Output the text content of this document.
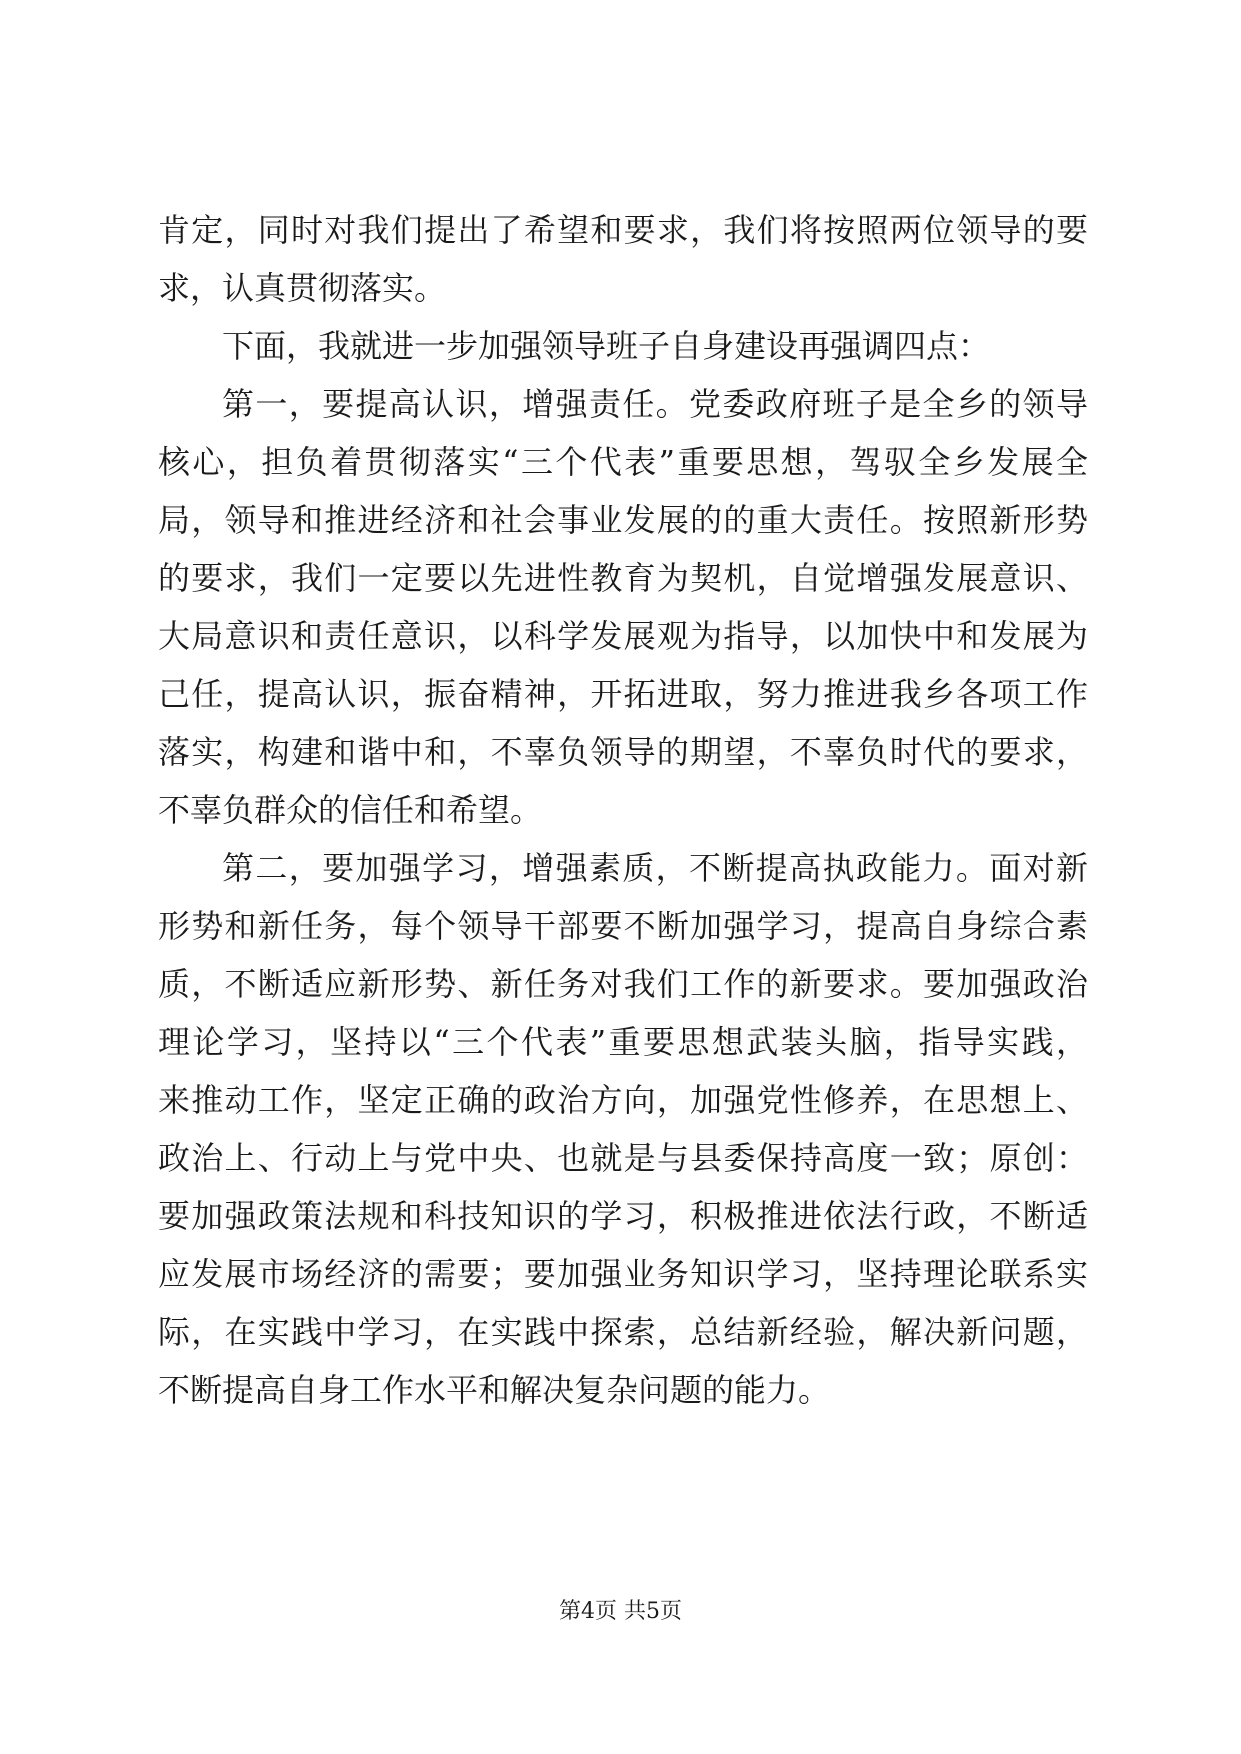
肯定，同时对我们提出了希望和要求，我们将按照两位领导的要
求，认真贯彻落实。
下面，我就进一步加强领导班子自身建设再强调四点：
第一，要提高认识，增强责任。党委政府班子是全乡的领导
核心，担负着贯彻落实“三个代表”重要思想，驾驭全乡发展全
局，领导和推进经济和社会事业发展的的重大责任。按照新形势
的要求，我们一定要以先进性教育为契机，自觉增强发展意识、
大局意识和责任意识，以科学发展观为指导，以加快中和发展为
己任，提高认识，振奋精神，开拓进取，努力推进我乡各项工作
落实，构建和谐中和，不辜负领导的期望，不辜负时代的要求，
不辜负群众的信任和希望。
第二，要加强学习，增强素质，不断提高执政能力。面对新
形势和新任务，每个领导干部要不断加强学习，提高自身综合素
质，不断适应新形势、新任务对我们工作的新要求。要加强政治
理论学习，坚持以“三个代表”重要思想武装头脑，指导实践，
来推动工作，坚定正确的政治方向，加强党性修养，在思想上、
政治上、行动上与党中央、也就是与县委保持高度一致；原创：
要加强政策法规和科技知识的学习，积极推进依法行政，不断适
应发展市场经济的需要；要加强业务知识学习，坚持理论联系实
际，在实践中学习，在实践中探索，总结新经验，解决新问题，
不断提高自身工作水平和解决复杂问题的能力。
第4页 共5页
